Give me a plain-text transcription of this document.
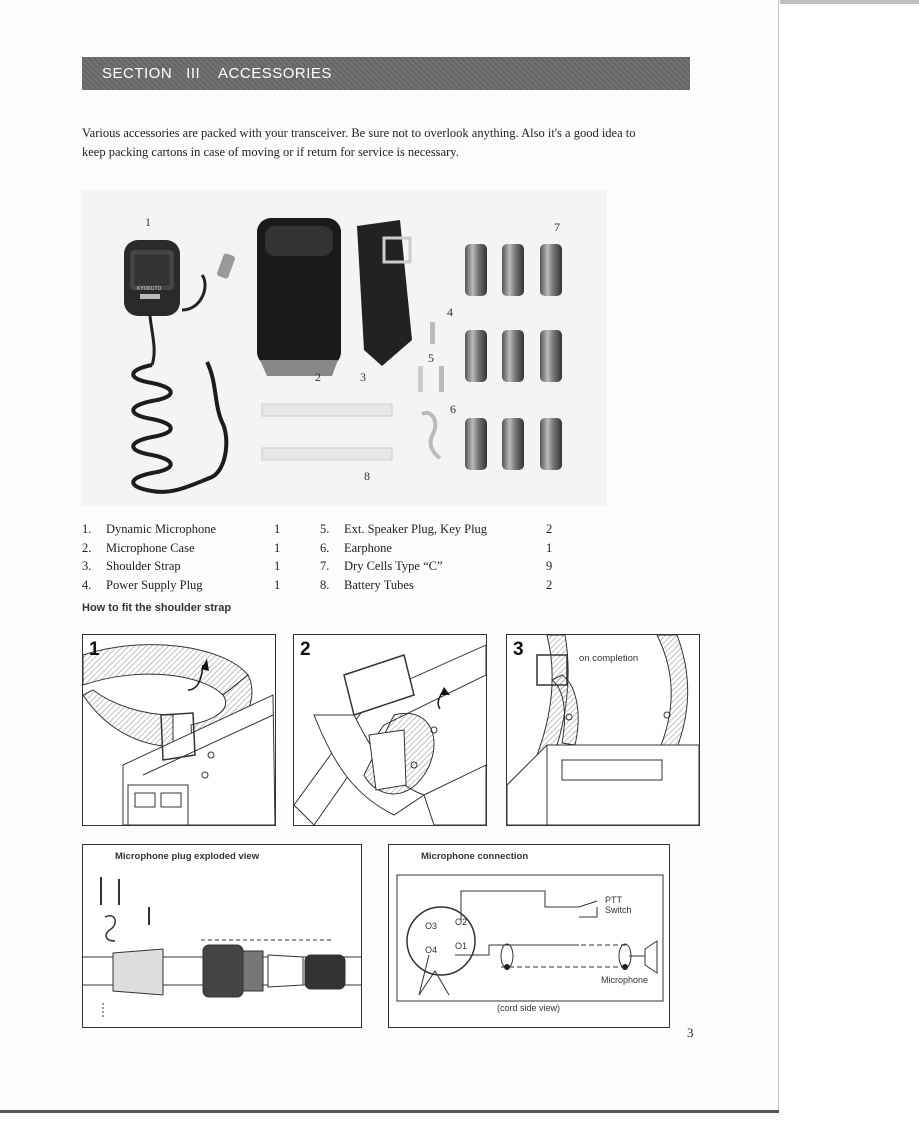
SECTION   III    ACCESSORIES
Various accessories are packed with your transceiver. Be sure not to overlook anything. Also it's a good idea to keep packing cartons in case of moving or if return for service is necessary.
1
2	3
4
5
6
7
8
KYOKUTO
1.	Dynamic Microphone	1
2.	Microphone Case	1
3.	Shoulder Strap	1
4.	Power Supply Plug	1
5.	Ext. Speaker Plug, Key Plug	2
6.	Earphone	1
7.	Dry Cells Type “C”	9
8.	Battery Tubes	2
How to fit the shoulder strap
1	2	3	on completion
Microphone plug exploded view	Microphone connection
O3 O2
O4 O1
PTT
Switch
Microphone
(cord side view)
3
